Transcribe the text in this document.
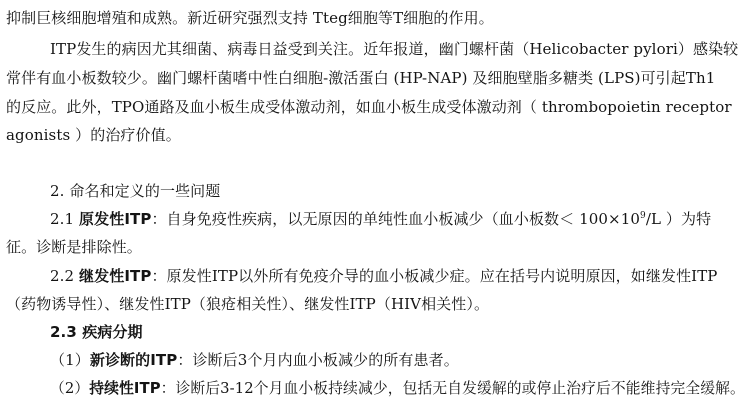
抑制巨核细胞增殖和成熟。新近研究强烈支持 Tteg细胞等T细胞的作用。
ITP发生的病因尤其细菌、病毒日益受到关注。近年报道，幽门螺杆菌（Helicobacter pylori）感染较
常伴有血小板数较少。幽门螺杆菌嗜中性白细胞-激活蛋白 (HP-NAP) 及细胞壁脂多糖类 (LPS)可引起Th1
的反应。此外，TPO通路及血小板生成受体激动剂，如血小板生成受体激动剂（ thrombopoietin receptor
agonists ）的治疗价值。
2. 命名和定义的一些问题
2.1 原发性ITP：自身免疫性疾病，以无原因的单纯性血小板减少（血小板数＜ $100\times 10^9/L$ ）为特
征。诊断是排除性。
2.2 继发性ITP：原发性ITP以外所有免疫介导的血小板减少症。应在括号内说明原因，如继发性ITP
（药物诱导性）、继发性ITP（狼疮相关性）、继发性ITP（HIV相关性）。
2.3 疾病分期
（1）新诊断的ITP：诊断后3个月内血小板减少的所有患者。
（2）持续性ITP：诊断后3-12个月血小板持续减少，包括无自发缓解的或停止治疗后不能维持完全缓解。
